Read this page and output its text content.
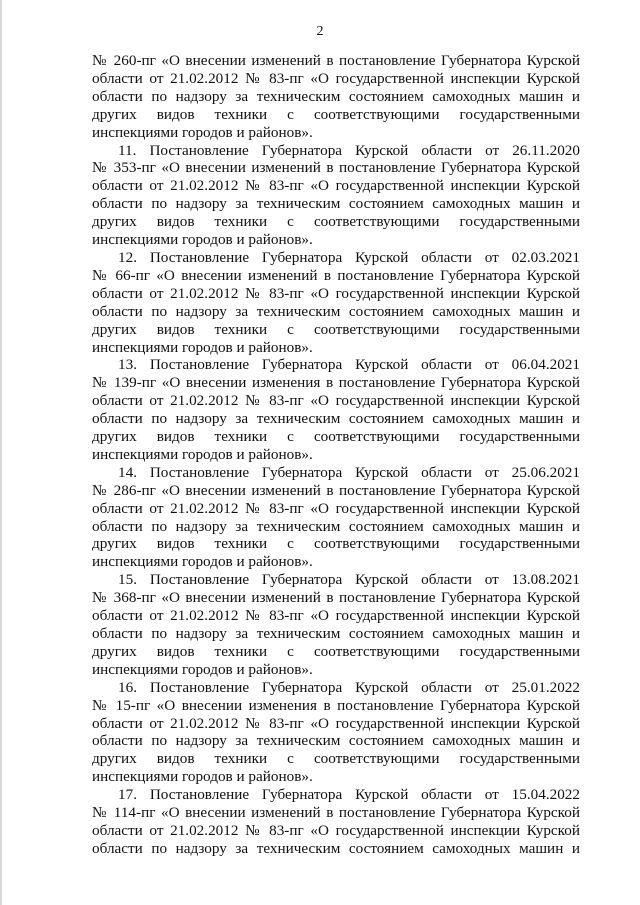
2
№ 260-пг «О внесении изменений в постановление Губернатора Курской
области от 21.02.2012 № 83-пг «О государственной инспекции Курской
области по надзору за техническим состоянием самоходных машин и
других видов техники с соответствующими государственными
инспекциями городов и районов».
11. Постановление Губернатора Курской области от 26.11.2020
№ 353-пг «О внесении изменений в постановление Губернатора Курской
области от 21.02.2012 № 83-пг «О государственной инспекции Курской
области по надзору за техническим состоянием самоходных машин и
других видов техники с соответствующими государственными
инспекциями городов и районов».
12. Постановление Губернатора Курской области от 02.03.2021
№ 66-пг «О внесении изменений в постановление Губернатора Курской
области от 21.02.2012 № 83-пг «О государственной инспекции Курской
области по надзору за техническим состоянием самоходных машин и
других видов техники с соответствующими государственными
инспекциями городов и районов».
13. Постановление Губернатора Курской области от 06.04.2021
№ 139-пг «О внесении изменения в постановление Губернатора Курской
области от 21.02.2012 № 83-пг «О государственной инспекции Курской
области по надзору за техническим состоянием самоходных машин и
других видов техники с соответствующими государственными
инспекциями городов и районов».
14. Постановление Губернатора Курской области от 25.06.2021
№ 286-пг «О внесении изменений в постановление Губернатора Курской
области от 21.02.2012 № 83-пг «О государственной инспекции Курской
области по надзору за техническим состоянием самоходных машин и
других видов техники с соответствующими государственными
инспекциями городов и районов».
15. Постановление Губернатора Курской области от 13.08.2021
№ 368-пг «О внесении изменений в постановление Губернатора Курской
области от 21.02.2012 № 83-пг «О государственной инспекции Курской
области по надзору за техническим состоянием самоходных машин и
других видов техники с соответствующими государственными
инспекциями городов и районов».
16. Постановление Губернатора Курской области от 25.01.2022
№ 15-пг «О внесении изменения в постановление Губернатора Курской
области от 21.02.2012 № 83-пг «О государственной инспекции Курской
области по надзору за техническим состоянием самоходных машин и
других видов техники с соответствующими государственными
инспекциями городов и районов».
17. Постановление Губернатора Курской области от 15.04.2022
№ 114-пг «О внесении изменений в постановление Губернатора Курской
области от 21.02.2012 № 83-пг «О государственной инспекции Курской
области по надзору за техническим состоянием самоходных машин и
